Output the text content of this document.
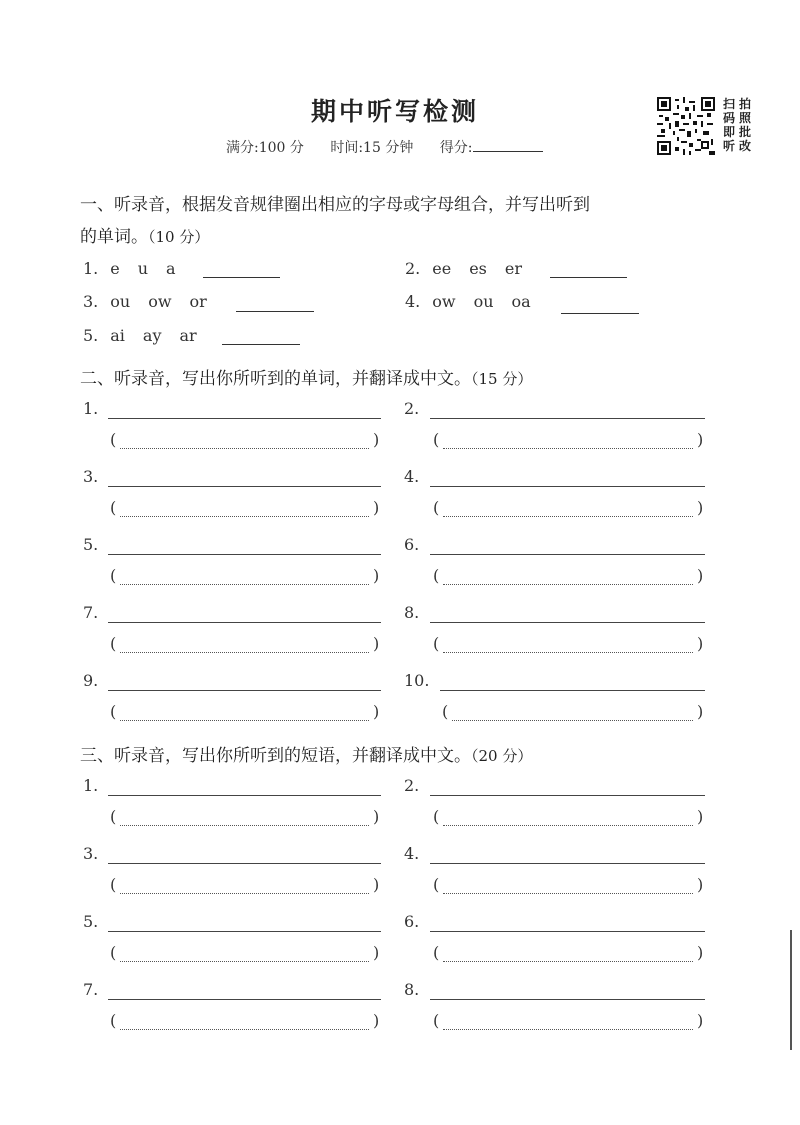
期中听写检测
满分:100 分 时间:15 分钟 得分:
扫 拍
码 照
即 批
听 改
一、听录音，根据发音规律圈出相应的字母或字母组合，并写出听到
的单词。（10 分）
1. e u a	2. ee es er
3. ou ow or	4. ow ou oa
5. ai ay ar
二、听录音，写出你所听到的单词，并翻译成中文。（15 分）
1.
(	)
2.
(	)
3.
(	)
4.
(	)
5.
(	)
6.
(	)
7.
(	)
8.
(	)
9.
(	)
10.
(	)
三、听录音，写出你所听到的短语，并翻译成中文。（20 分）
1.
(	)
2.
(	)
3.
(	)
4.
(	)
5.
(	)
6.
(	)
7.
(	)
8.
(	)
